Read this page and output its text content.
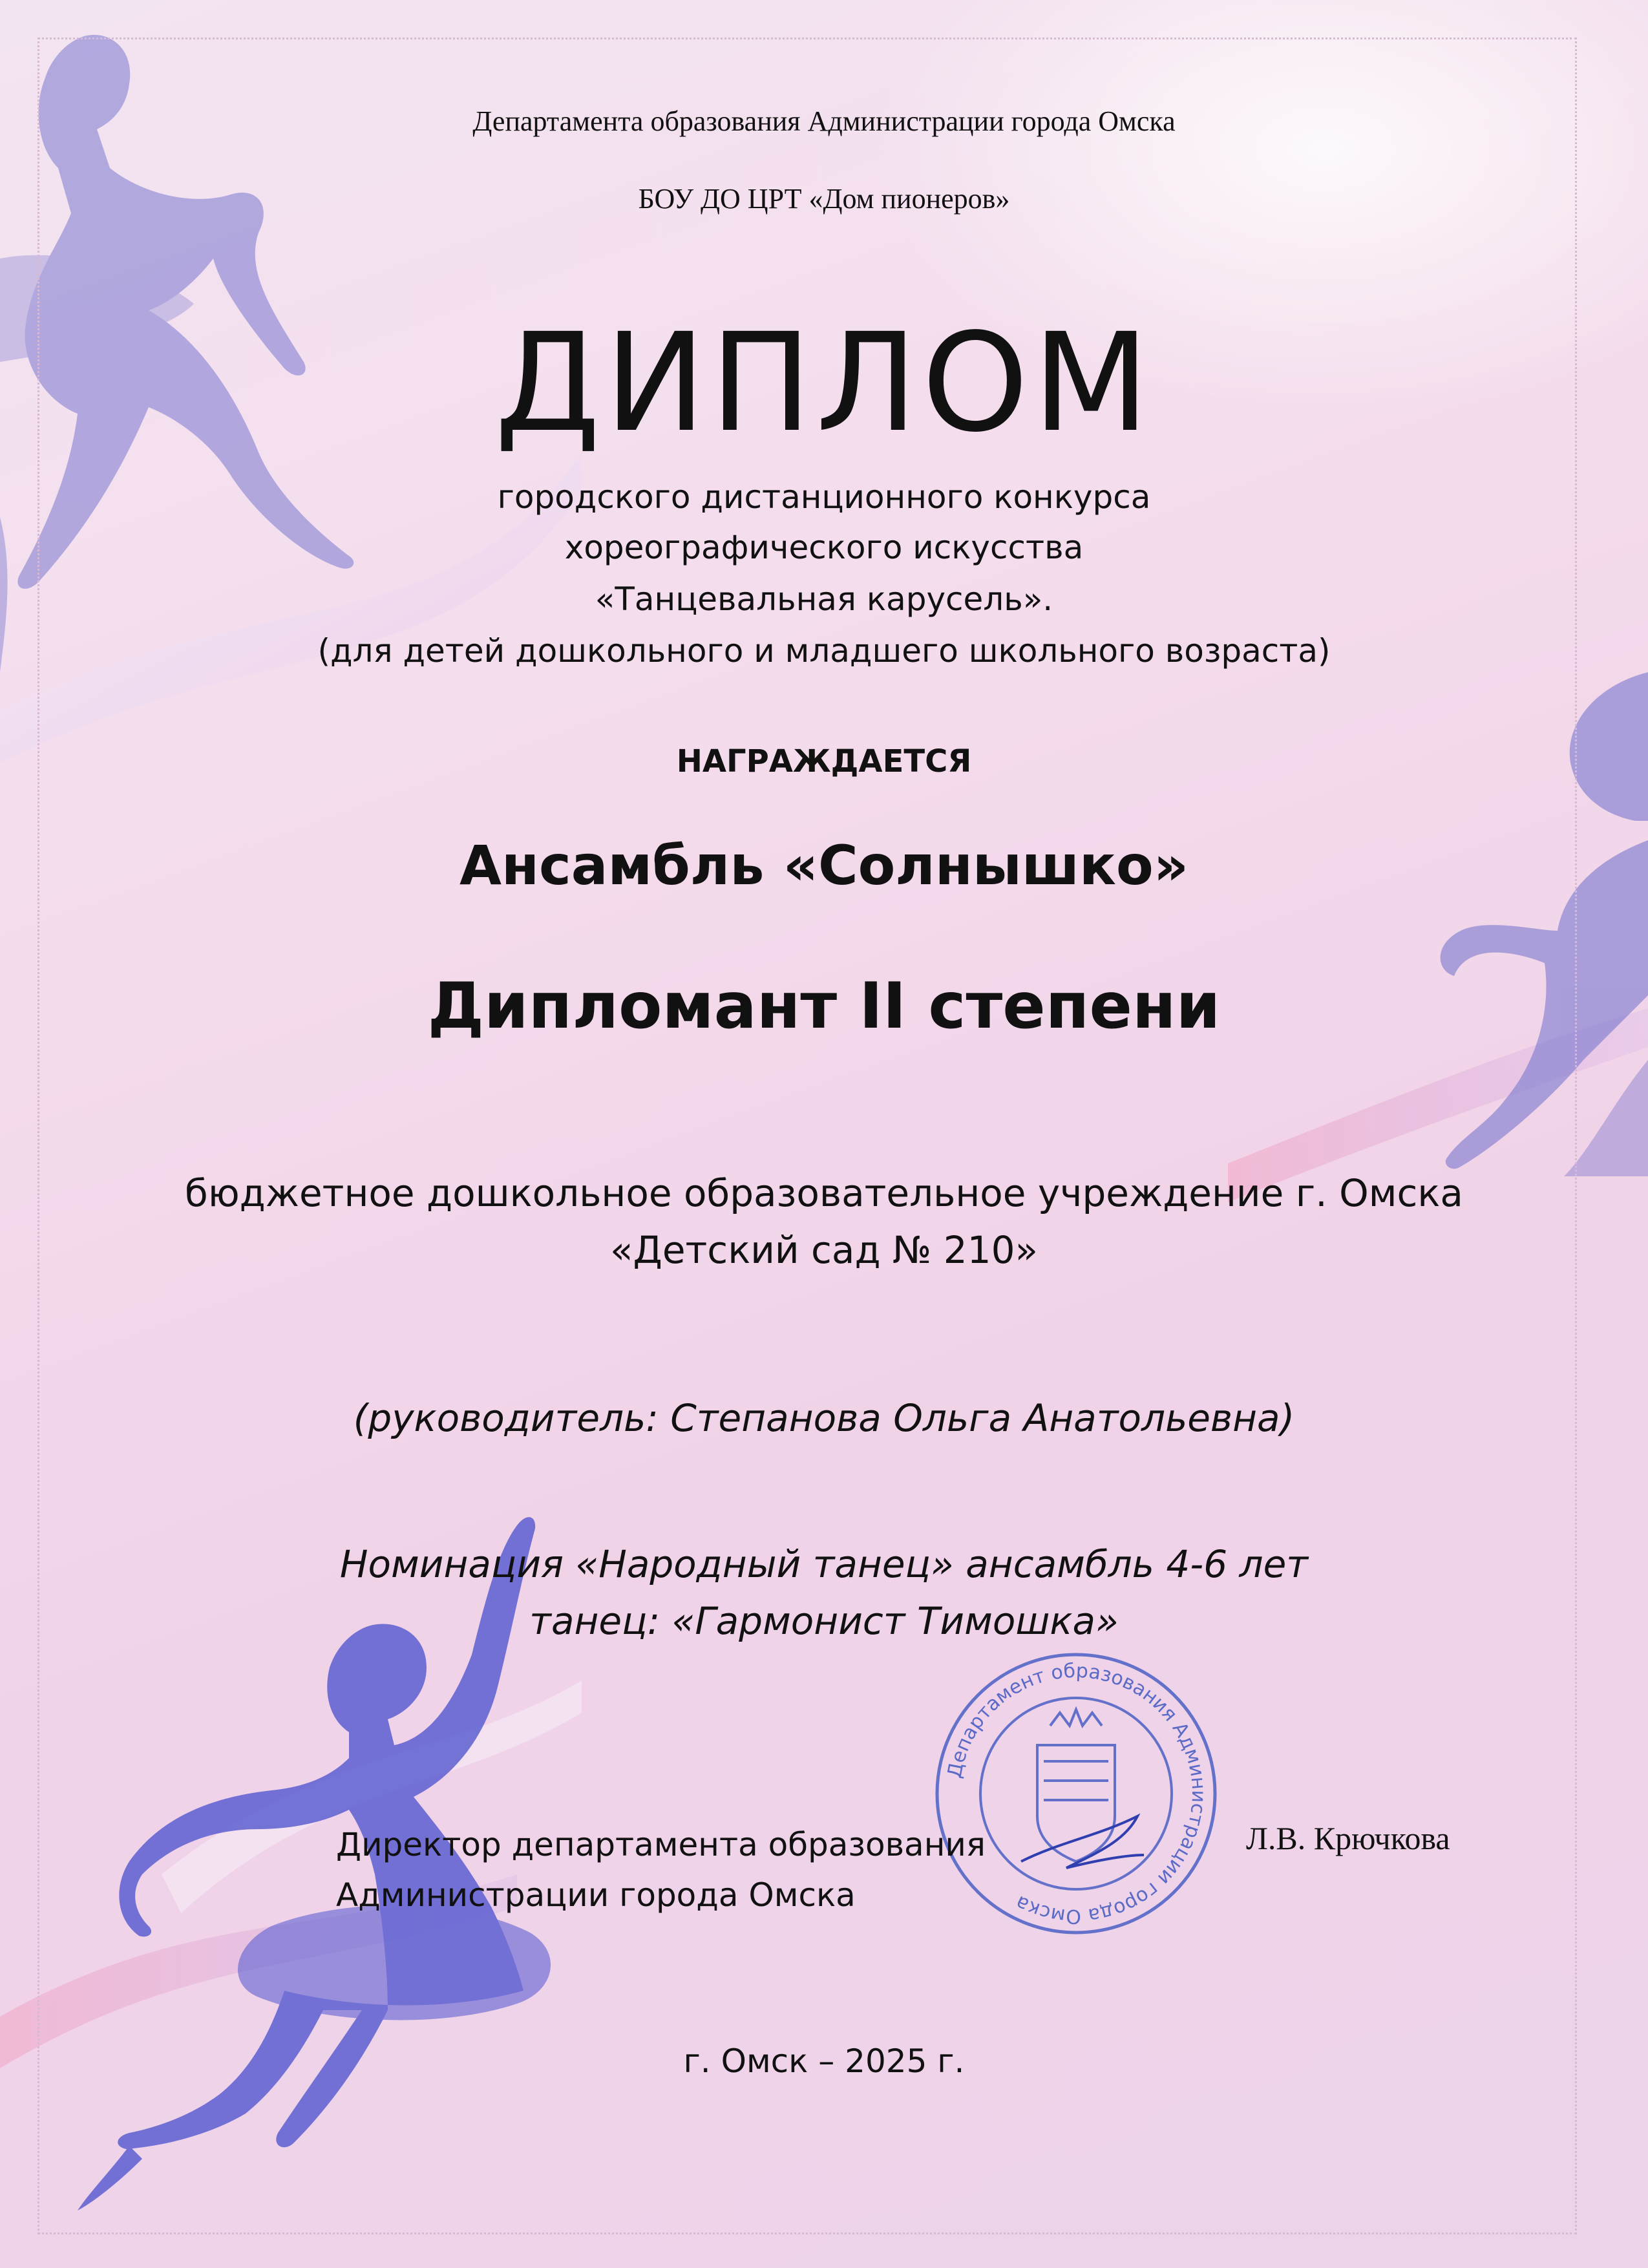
Департамента образования Администрации города Омска

БОУ ДО ЦРТ «Дом пионеров»

ДИПЛОМ

городского дистанционного конкурса

хореографического искусства

«Танцевальная карусель».

(для детей дошкольного и младшего школьного возраста)

НАГРАЖДАЕТСЯ

Ансамбль «Солнышко»

Дипломант II степени

бюджетное дошкольное образовательное учреждение г. Омска

«Детский сад № 210»

(руководитель: Степанова Ольга Анатольевна)

Номинация «Народный танец» ансамбль 4-6 лет

танец: «Гармонист Тимошка»

Департамент образования Администрации города Омска
Директор департамента образования
Администрации города Омска
Л.В. Крючкова

г. Омск – 2025 г.
